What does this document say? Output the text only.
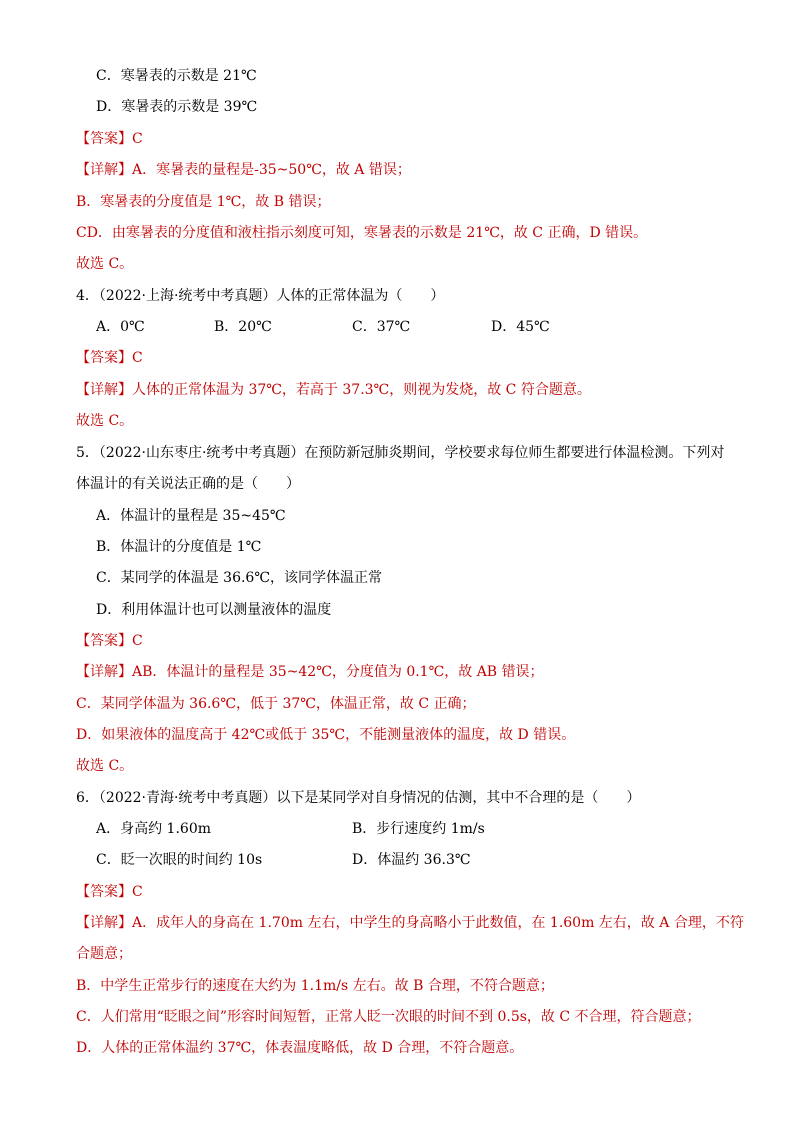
C．寒暑表的示数是 21℃
D．寒暑表的示数是 39℃
【答案】C
【详解】A．寒暑表的量程是-35~50℃，故 A 错误；
B．寒暑表的分度值是 1℃，故 B 错误；
CD．由寒暑表的分度值和液柱指示刻度可知，寒暑表的示数是 21℃，故 C 正确，D 错误。
故选 C。
4．（2022·上海·统考中考真题）人体的正常体温为（　　）
A．0℃	B．20℃	C．37℃	D．45℃
【答案】C
【详解】人体的正常体温为 37℃，若高于 37.3℃，则视为发烧，故 C 符合题意。
故选 C。
5．（2022·山东枣庄·统考中考真题）在预防新冠肺炎期间，学校要求每位师生都要进行体温检测。下列对
体温计的有关说法正确的是（　　）
A．体温计的量程是 35~45℃
B．体温计的分度值是 1℃
C．某同学的体温是 36.6℃，该同学体温正常
D．利用体温计也可以测量液体的温度
【答案】C
【详解】AB．体温计的量程是 35~42℃，分度值为 0.1℃，故 AB 错误；
C．某同学体温为 36.6℃，低于 37℃，体温正常，故 C 正确；
D．如果液体的温度高于 42℃或低于 35℃，不能测量液体的温度，故 D 错误。
故选 C。
6．（2022·青海·统考中考真题）以下是某同学对自身情况的估测，其中不合理的是（　　）
A．身高约 1.60m	B．步行速度约 1m/s
C．眨一次眼的时间约 10s	D．体温约 36.3℃
【答案】C
【详解】A．成年人的身高在 1.70m 左右，中学生的身高略小于此数值，在 1.60m 左右，故 A 合理，不符
合题意；
B．中学生正常步行的速度在大约为 1.1m/s 左右。故 B 合理，不符合题意；
C．人们常用“眨眼之间”形容时间短暂，正常人眨一次眼的时间不到 0.5s，故 C 不合理，符合题意；
D．人体的正常体温约 37℃，体表温度略低，故 D 合理，不符合题意。
